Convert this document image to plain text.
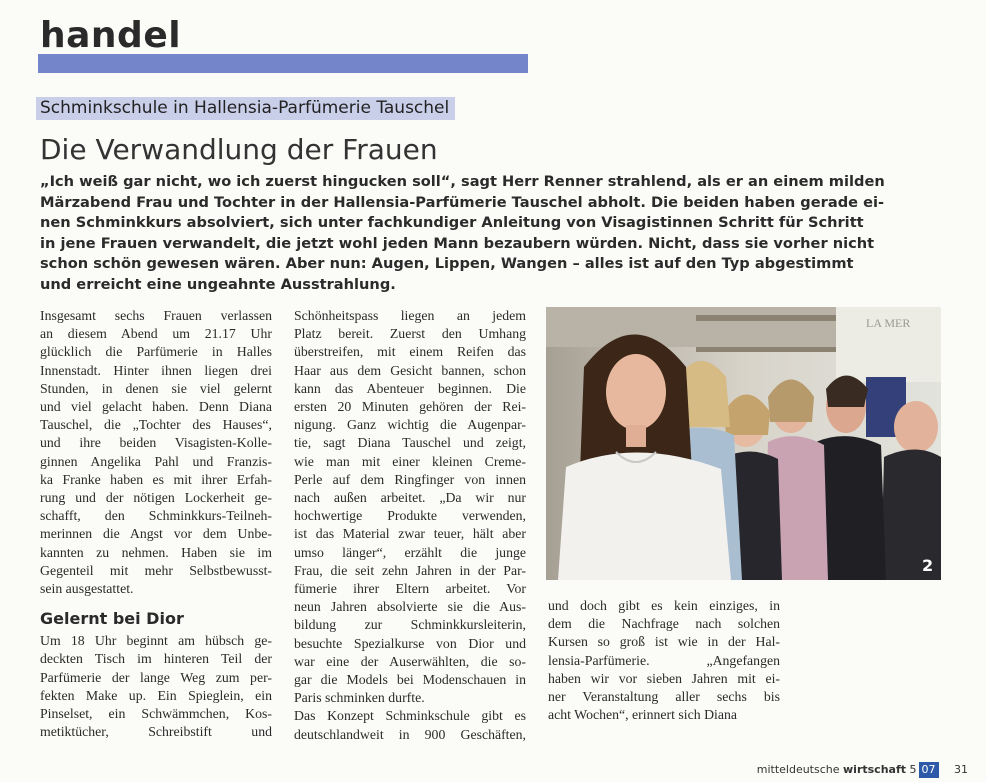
handel
Schminkschule in Hallensia-Parfümerie Tauschel
Die Verwandlung der Frauen
„Ich weiß gar nicht, wo ich zuerst hingucken soll“, sagt Herr Renner strahlend, als er an einem milden
Märzabend Frau und Tochter in der Hallensia-Parfümerie Tauschel abholt. Die beiden haben gerade ei-
nen Schminkkurs absolviert, sich unter fachkundiger Anleitung von Visagistinnen Schritt für Schritt
in jene Frauen verwandelt, die jetzt wohl jeden Mann bezaubern würden. Nicht, dass sie vorher nicht
schon schön gewesen wären. Aber nun: Augen, Lippen, Wangen – alles ist auf den Typ abgestimmt
und erreicht eine ungeahnte Ausstrahlung.
Insgesamt sechs Frauen verlassen
an diesem Abend um 21.17 Uhr
glücklich die Parfümerie in Halles
Innenstadt. Hinter ihnen liegen drei
Stunden, in denen sie viel gelernt
und viel gelacht haben. Denn Diana
Tauschel, die „Tochter des Hauses“,
und ihre beiden Visagisten-Kolle-
ginnen Angelika Pahl und Franzis-
ka Franke haben es mit ihrer Erfah-
rung und der nötigen Lockerheit ge-
schafft, den Schminkkurs-Teilneh-
merinnen die Angst vor dem Unbe-
kannten zu nehmen. Haben sie im
Gegenteil mit mehr Selbstbewusst-
sein ausgestattet.
Gelernt bei Dior
Um 18 Uhr beginnt am hübsch ge-
deckten Tisch im hinteren Teil der
Parfümerie der lange Weg zum per-
fekten Make up. Ein Spieglein, ein
Pinselset, ein Schwämmchen, Kos-
metiktücher, Schreibstift und
Schönheitspass liegen an jedem
Platz bereit. Zuerst den Umhang
überstreifen, mit einem Reifen das
Haar aus dem Gesicht bannen, schon
kann das Abenteuer beginnen. Die
ersten 20 Minuten gehören der Rei-
nigung. Ganz wichtig die Augenpar-
tie, sagt Diana Tauschel und zeigt,
wie man mit einer kleinen Creme-
Perle auf dem Ringfinger von innen
nach außen arbeitet. „Da wir nur
hochwertige Produkte verwenden,
ist das Material zwar teuer, hält aber
umso länger“, erzählt die junge
Frau, die seit zehn Jahren in der Par-
fümerie ihrer Eltern arbeitet. Vor
neun Jahren absolvierte sie die Aus-
bildung zur Schminkkursleiterin,
besuchte Spezialkurse von Dior und
war eine der Auserwählten, die so-
gar die Models bei Modenschauen in
Paris schminken durfte.
Das Konzept Schminkschule gibt es
deutschlandweit in 900 Geschäften,
LA MER
2
und doch gibt es kein einziges, in
dem die Nachfrage nach solchen
Kursen so groß ist wie in der Hal-
lensia-Parfümerie. „Angefangen
haben wir vor sieben Jahren mit ei-
ner Veranstaltung aller sechs bis
acht Wochen“, erinnert sich Diana
mitteldeutsche wirtschaft 5 07 31
